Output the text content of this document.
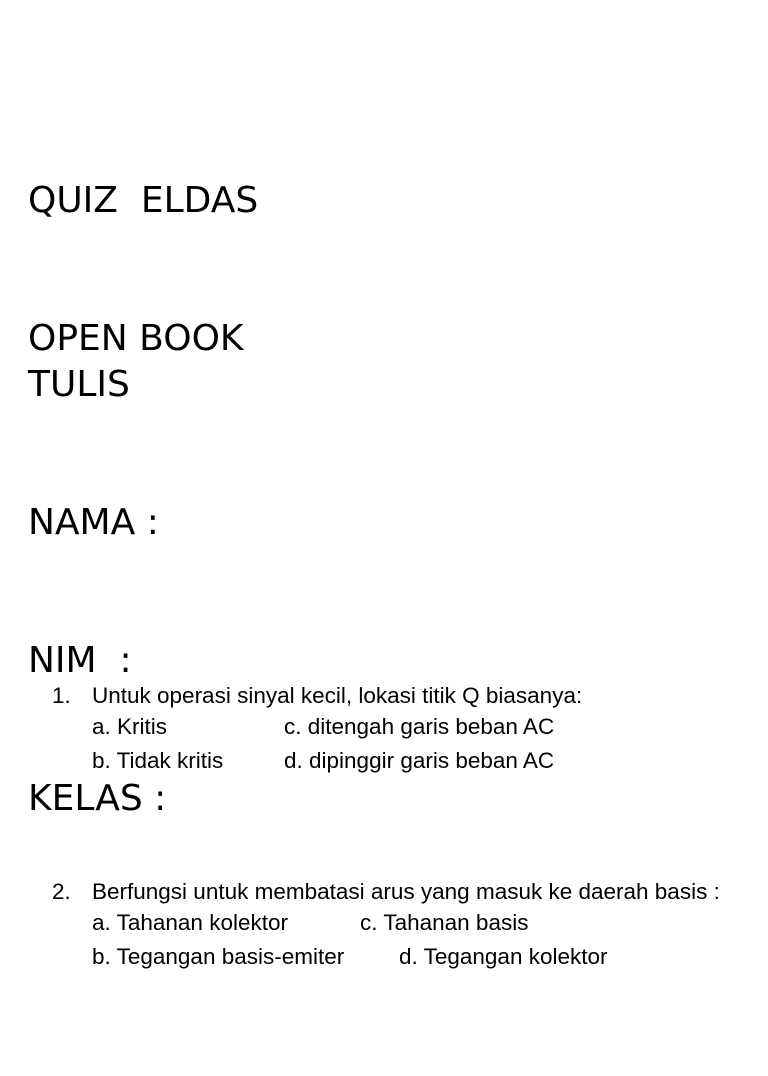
QUIZ  ELDAS

OPEN BOOK

TULIS

NAMA :

NIM  :

KELAS :

1. Untuk operasi sinyal kecil, lokasi titik Q biasanya:

a. Kritis

	c. ditengah garis beban AC

b. Tidak kritis

	d. dipinggir garis beban AC

2. Berfungsi untuk membatasi arus yang masuk ke daerah basis :

a. Tahanan kolektor

	c. Tahanan basis

b. Tegangan basis-emiter

d. Tegangan kolektor
